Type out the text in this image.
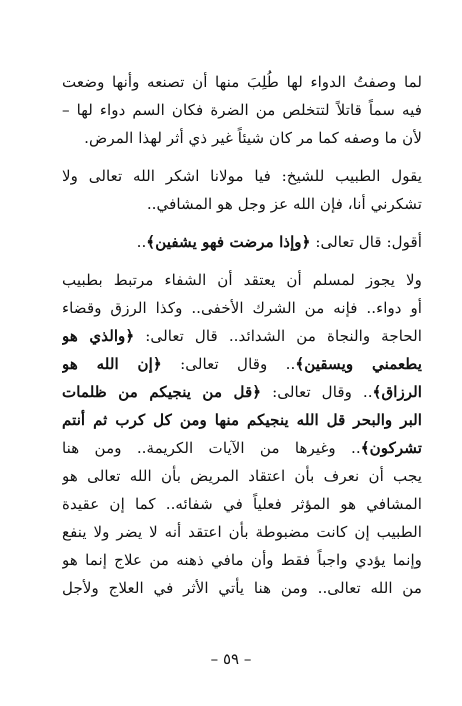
لما وصفتُ الدواء لها طُلِبَ منها أن تصنعه وأنها وضعت
فيه سماً قاتلاً لتتخلص من الضرة فكان السم دواء لها –
لأن ما وصفه كما مر كان شيئاً غير ذي أثر لهذا المرض.
يقول الطبيب للشيخ: فيا مولانا اشكر الله تعالى ولا
تشكرني أنا، فإن الله عز وجل هو المشافي..
أقول: قال تعالى: ﴿وإذا مرضت فهو يشفين﴾..
ولا يجوز لمسلم أن يعتقد أن الشفاء مرتبط بطبيب
أو دواء.. فإنه من الشرك الأخفى.. وكذا الرزق وقضاء
الحاجة والنجاة من الشدائد.. قال تعالى: ﴿والذي هو
يطعمني ويسقين﴾.. وقال تعالى: ﴿إن الله هو
الرزاق﴾.. وقال تعالى: ﴿قل من ينجيكم من ظلمات
البر والبحر قل الله ينجيكم منها ومن كل كرب ثم أنتم
تشركون﴾.. وغيرها من الآيات الكريمة.. ومن هنا
يجب أن نعرف بأن اعتقاد المريض بأن الله تعالى هو
المشافي هو المؤثر فعلياً في شفائه.. كما إن عقيدة
الطبيب إن كانت مضبوطة بأن اعتقد أنه لا يضر ولا ينفع
وإنما يؤدي واجباً فقط وأن مافي ذهنه من علاج إنما هو
من الله تعالى.. ومن هنا يأتي الأثر في العلاج ولأجل
– ٥٩ –
